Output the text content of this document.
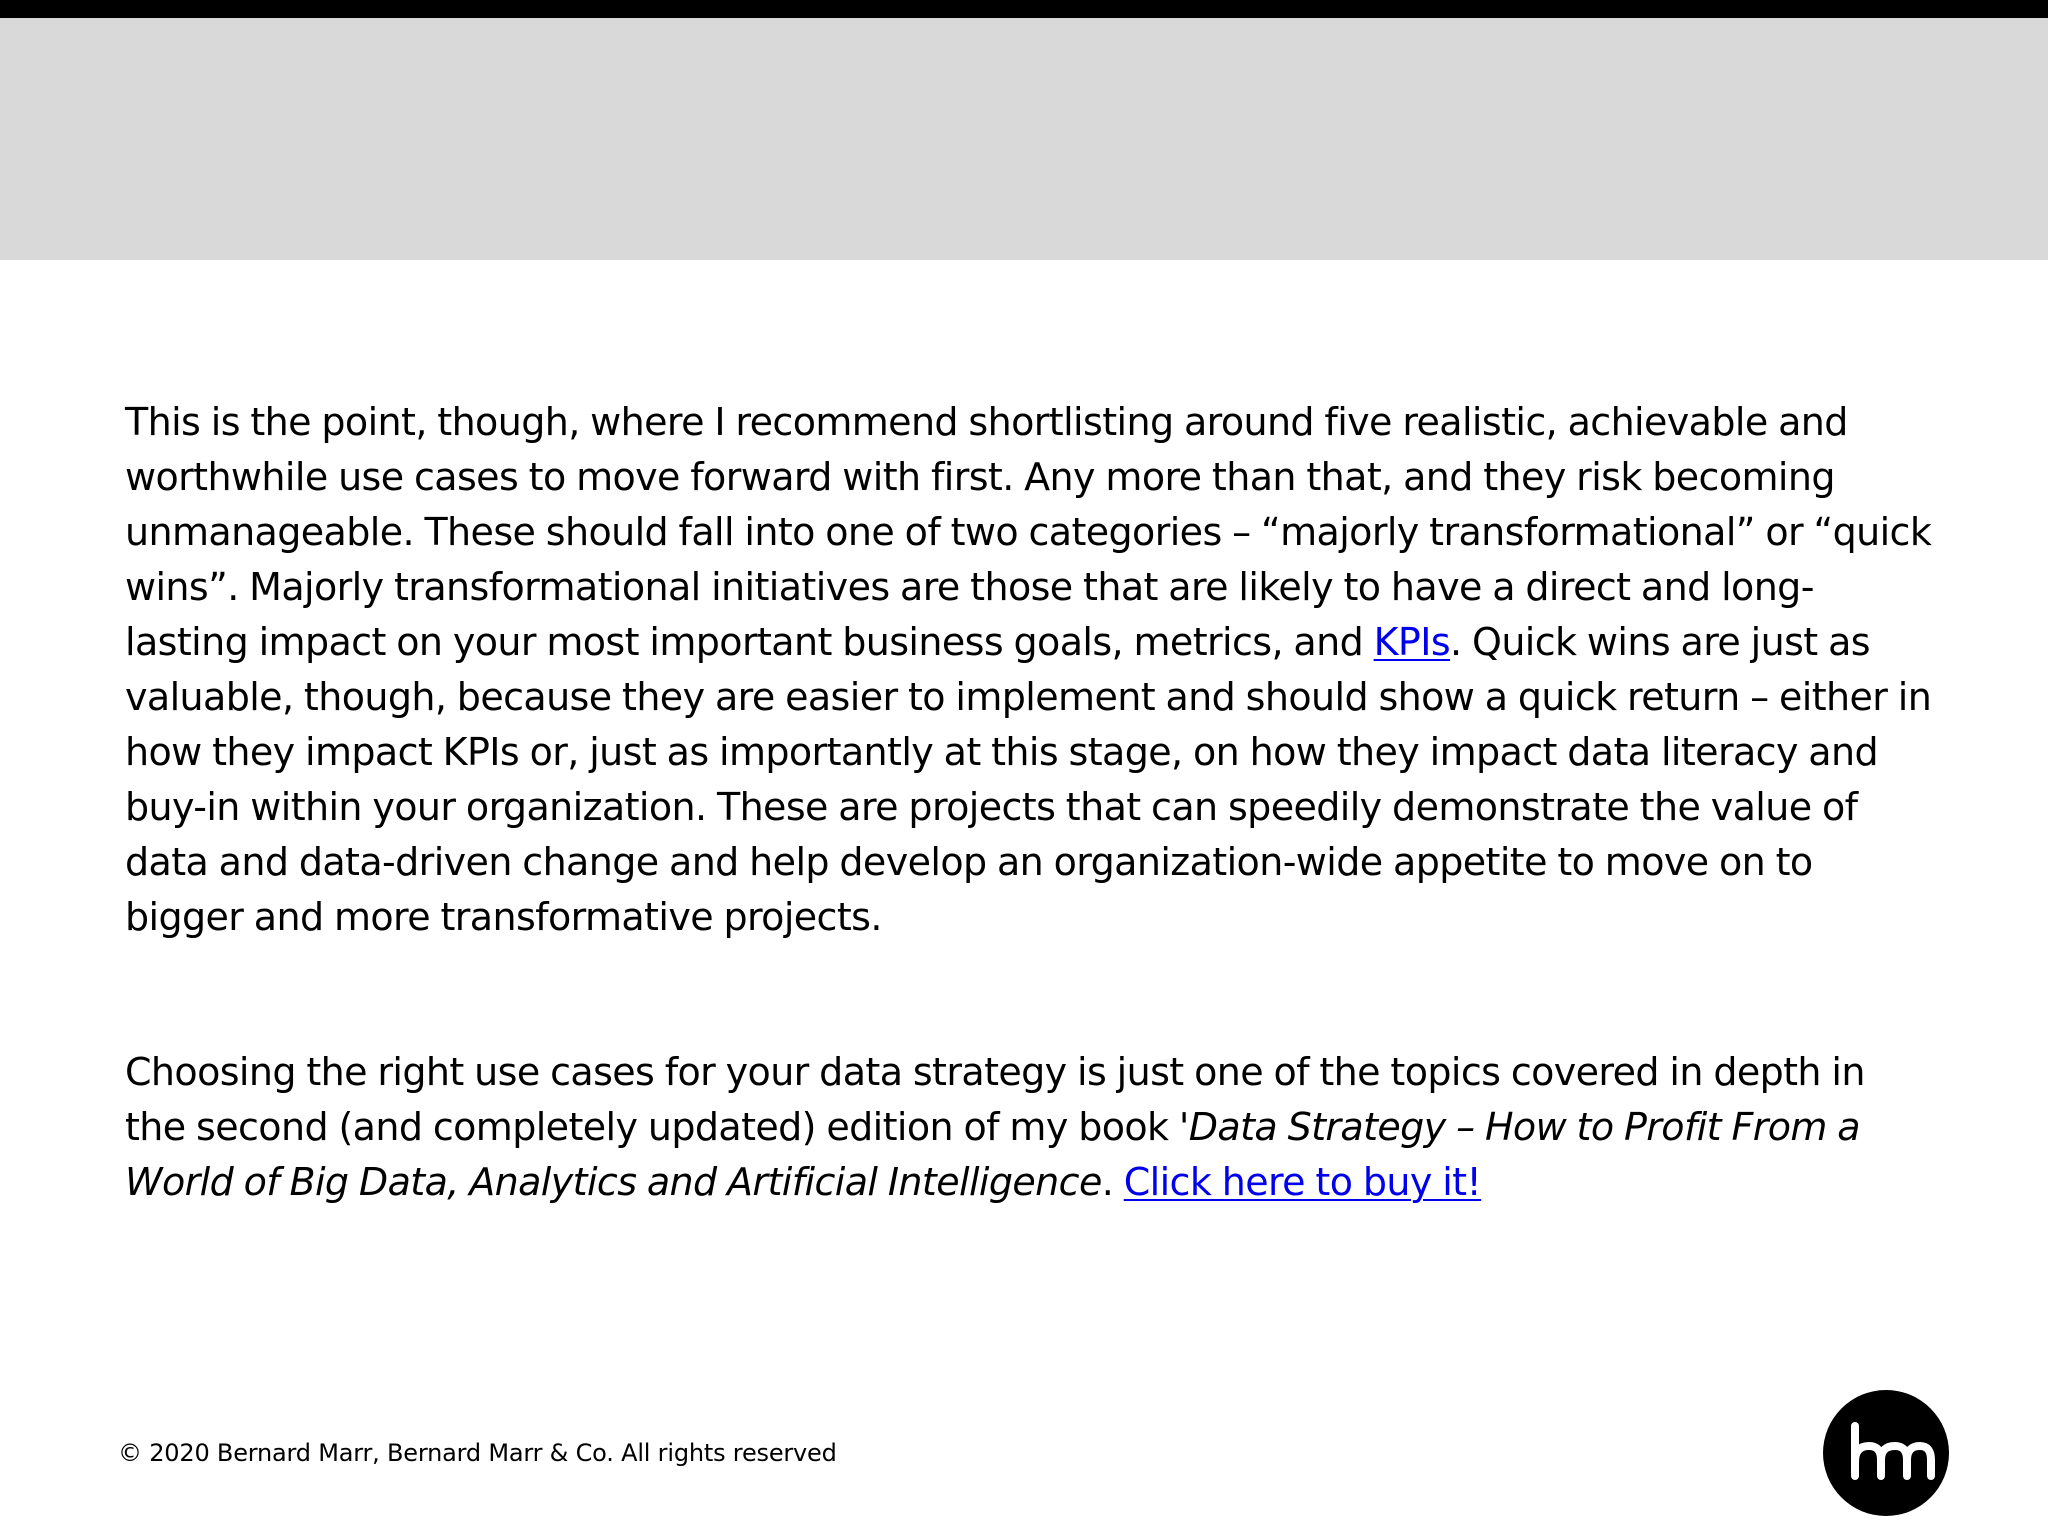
This is the point, though, where I recommend shortlisting around five realistic, achievable and worthwhile use cases to move forward with first. Any more than that, and they risk becoming unmanageable. These should fall into one of two categories – “majorly transformational” or “quick wins”. Majorly transformational initiatives are those that are likely to have a direct and long-lasting impact on your most important business goals, metrics, and KPIs. Quick wins are just as valuable, though, because they are easier to implement and should show a quick return – either in how they impact KPIs or, just as importantly at this stage, on how they impact data literacy and buy-in within your organization. These are projects that can speedily demonstrate the value of data and data-driven change and help develop an organization-wide appetite to move on to bigger and more transformative projects.

Choosing the right use cases for your data strategy is just one of the topics covered in depth in the second (and completely updated) edition of my book 'Data Strategy – How to Profit From a World of Big Data, Analytics and Artificial Intelligence. Click here to buy it!

© 2020 Bernard Marr, Bernard Marr & Co. All rights reserved
